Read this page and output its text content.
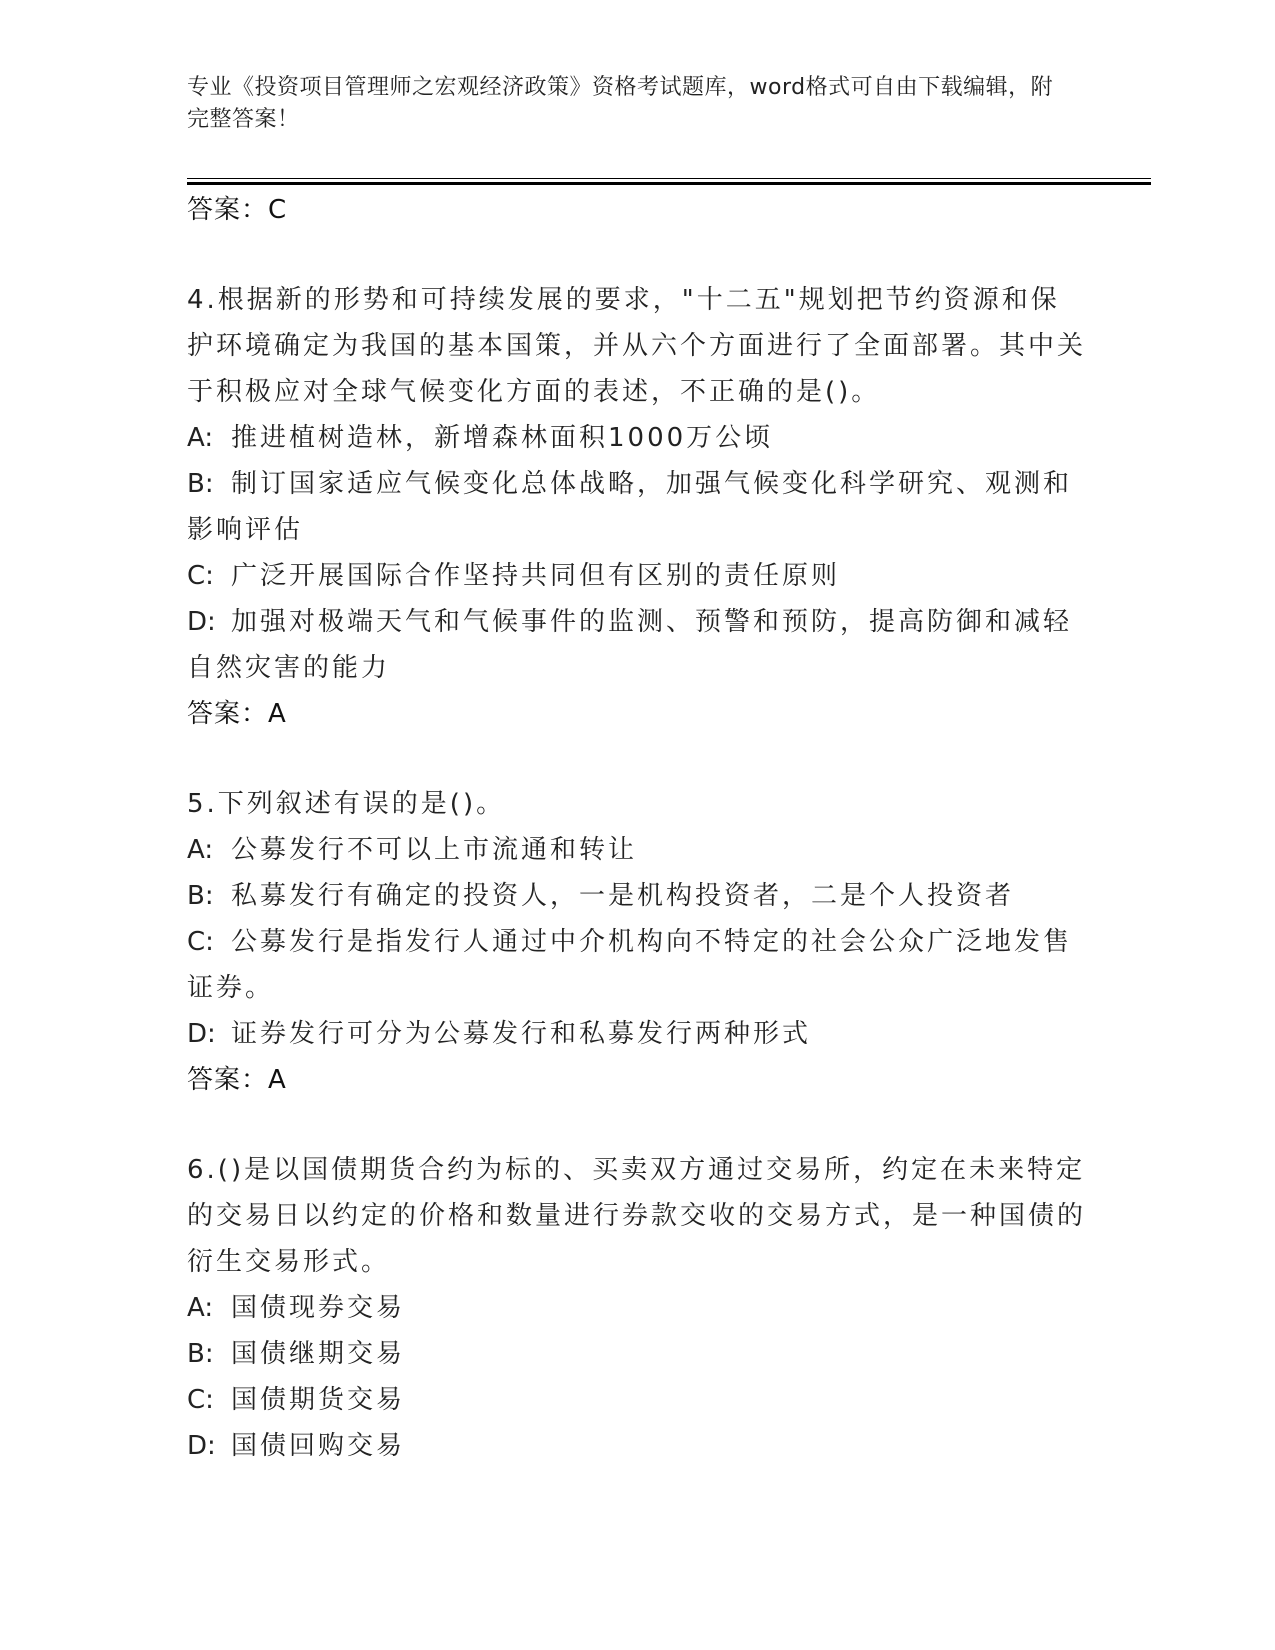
专业《投资项目管理师之宏观经济政策》资格考试题库，word格式可自由下载编辑，附完整答案！
答案：C

4.根据新的形势和可持续发展的要求，"十二五"规划把节约资源和保护环境确定为我国的基本国策，并从六个方面进行了全面部署。其中关于积极应对全球气候变化方面的表述，不正确的是()。

A: 推进植树造林，新增森林面积1000万公顷

B: 制订国家适应气候变化总体战略，加强气候变化科学研究、观测和影响评估

C: 广泛开展国际合作坚持共同但有区别的责任原则

D: 加强对极端天气和气候事件的监测、预警和预防，提高防御和减轻自然灾害的能力

答案：A

5.下列叙述有误的是()。

A: 公募发行不可以上市流通和转让

B: 私募发行有确定的投资人，一是机构投资者，二是个人投资者

C: 公募发行是指发行人通过中介机构向不特定的社会公众广泛地发售证券。

D: 证券发行可分为公募发行和私募发行两种形式

答案：A

6.()是以国债期货合约为标的、买卖双方通过交易所，约定在未来特定的交易日以约定的价格和数量进行券款交收的交易方式，是一种国债的衍生交易形式。

A: 国债现券交易

B: 国债继期交易

C: 国债期货交易

D: 国债回购交易
